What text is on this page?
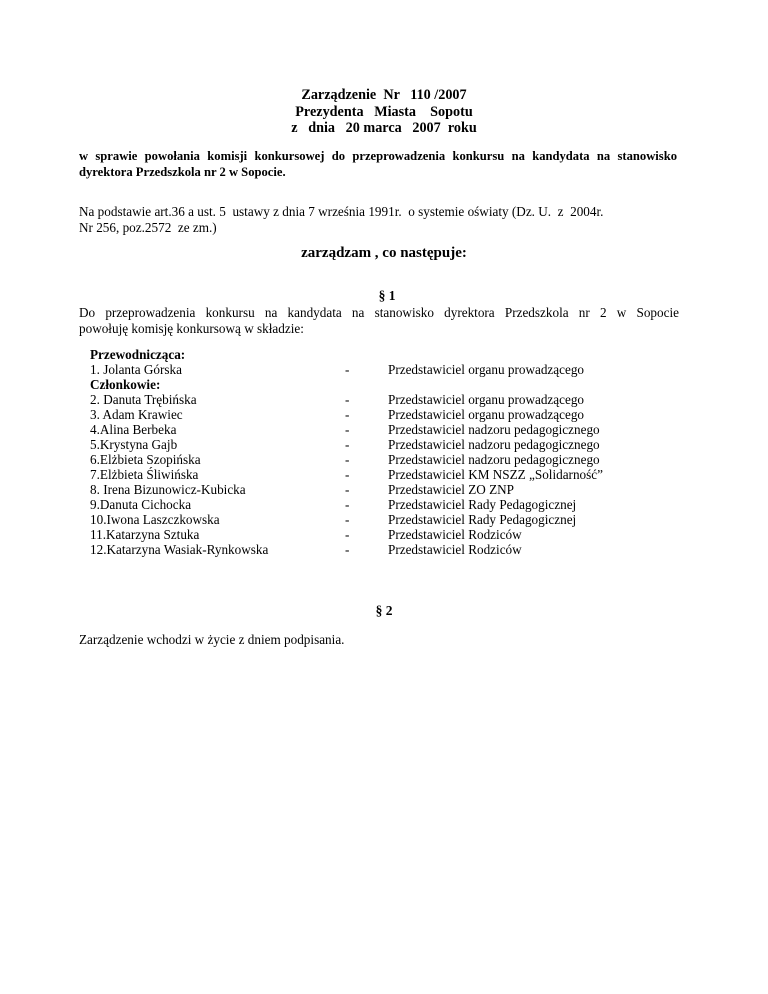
Zarządzenie  Nr   110 /2007
Prezydenta   Miasta    Sopotu
z   dnia   20 marca   2007  roku
w sprawie powołania komisji konkursowej do przeprowadzenia konkursu na kandydata na stanowisko dyrektora Przedszkola nr 2 w Sopocie.
Na podstawie art.36 a ust. 5  ustawy z dnia 7 września 1991r.  o systemie oświaty (Dz. U.  z  2004r.
Nr 256, poz.2572  ze zm.)
zarządzam , co następuje:
§ 1
Do przeprowadzenia konkursu na kandydata na stanowisko dyrektora Przedszkola nr 2 w Sopocie
powołuję komisję konkursową w składzie:
Przewodnicząca:
1. Jolanta Górska	-	Przedstawiciel organu prowadzącego
Członkowie:
2. Danuta Trębińska	-	Przedstawiciel organu prowadzącego
3. Adam Krawiec	-	Przedstawiciel organu prowadzącego
4.Alina Berbeka	-	Przedstawiciel nadzoru pedagogicznego
5.Krystyna Gajb	-	Przedstawiciel nadzoru pedagogicznego
6.Elżbieta Szopińska	-	Przedstawiciel nadzoru pedagogicznego
7.Elżbieta Śliwińska	-	Przedstawiciel KM NSZZ „Solidarność”
8. Irena Bizunowicz-Kubicka	-	Przedstawiciel ZO ZNP
9.Danuta Cichocka	-	Przedstawiciel Rady Pedagogicznej
10.Iwona Laszczkowska	-	Przedstawiciel Rady Pedagogicznej
11.Katarzyna Sztuka	-	Przedstawiciel Rodziców
12.Katarzyna Wasiak-Rynkowska	-	Przedstawiciel Rodziców
§ 2
Zarządzenie wchodzi w życie z dniem podpisania.
